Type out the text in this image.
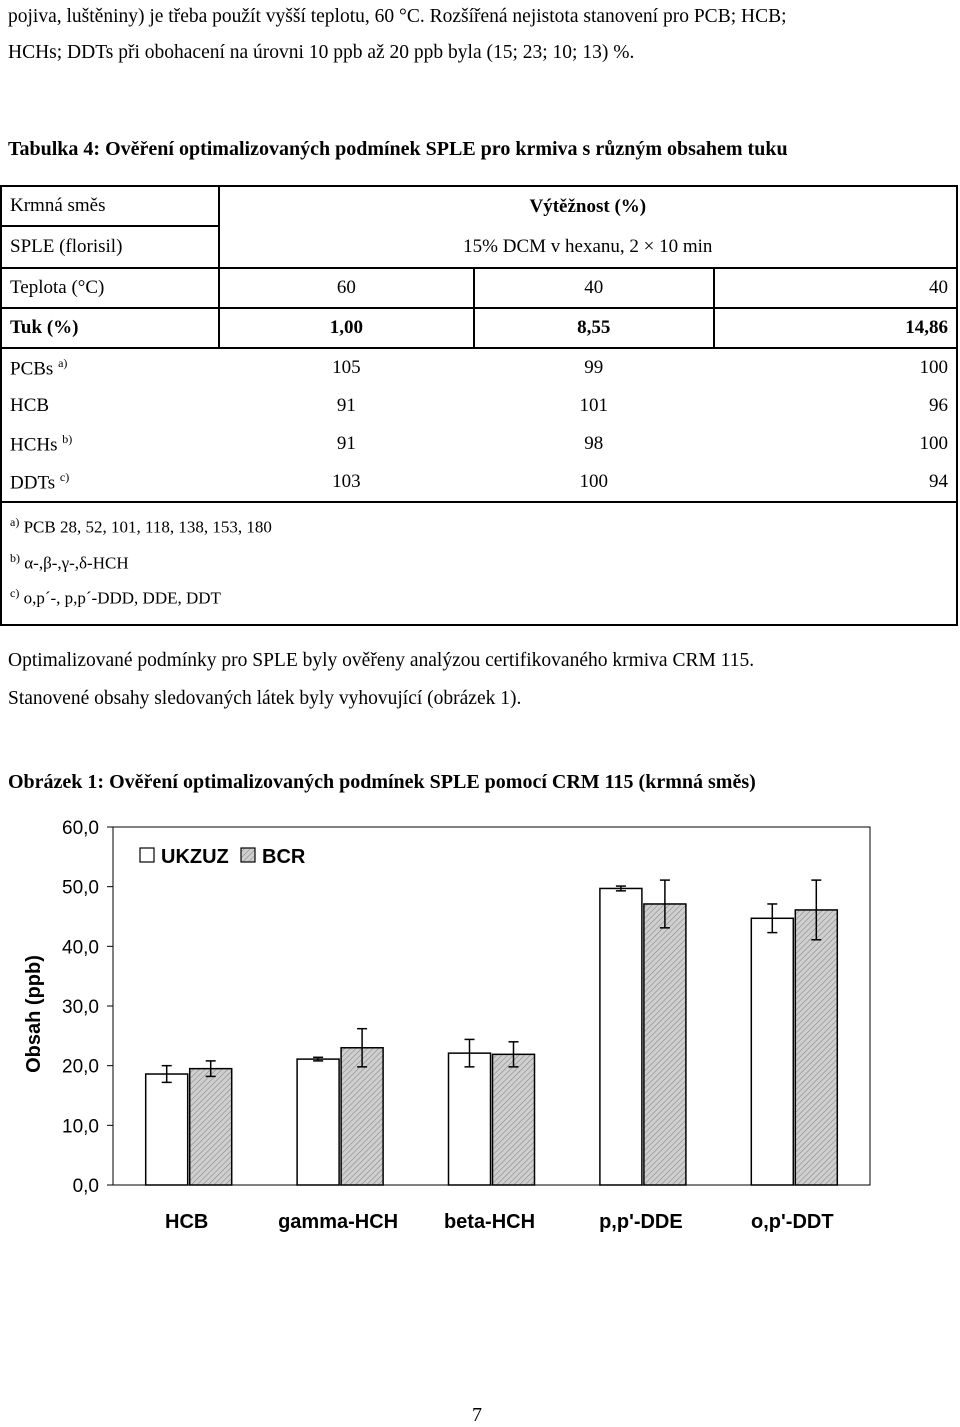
pojiva, luštěniny) je třeba použít vyšší teplotu, 60 °C. Rozšířená nejistota stanovení pro PCB; HCB;
HCHs; DDTs při obohacení na úrovni 10 ppb až 20 ppb byla (15; 23; 10; 13) %.
Tabulka 4: Ověření optimalizovaných podmínek SPLE pro krmiva s různým obsahem tuku
Krmná směs	Výtěžnost (%)		
SPLE (florisil)	15% DCM v hexanu, 2 × 10 min		
Teplota (°C)	60	40	40
Tuk (%)	1,00	8,55	14,86
PCBs $^{a)}$	105	99	100
HCB	91	101	96
HCHs $^{b)}$	91	98	100
DDTs $^{c)}$	103	100	94

$^{a)}$ PCB 28, 52, 101, 118, 138, 153, 180
$^{b)}$ α-,β-,γ-,δ-HCH
$^{c)}$ o,p´-, p,p´-DDD, DDE, DDT			
Optimalizované podmínky pro SPLE byly ověřeny analýzou certifikovaného krmiva CRM 115.
Stanovené obsahy sledovaných látek byly vyhovující (obrázek 1).
Obrázek 1: Ověření optimalizovaných podmínek SPLE pomocí CRM 115 (krmná směs)
0,0
10,0
20,0
30,0
40,0
50,0
60,0
Obsah (ppb)
HCB	gamma-HCH beta-HCH	p,p'-DDE	o,p'-DDT
UKZUZ BCR
7
